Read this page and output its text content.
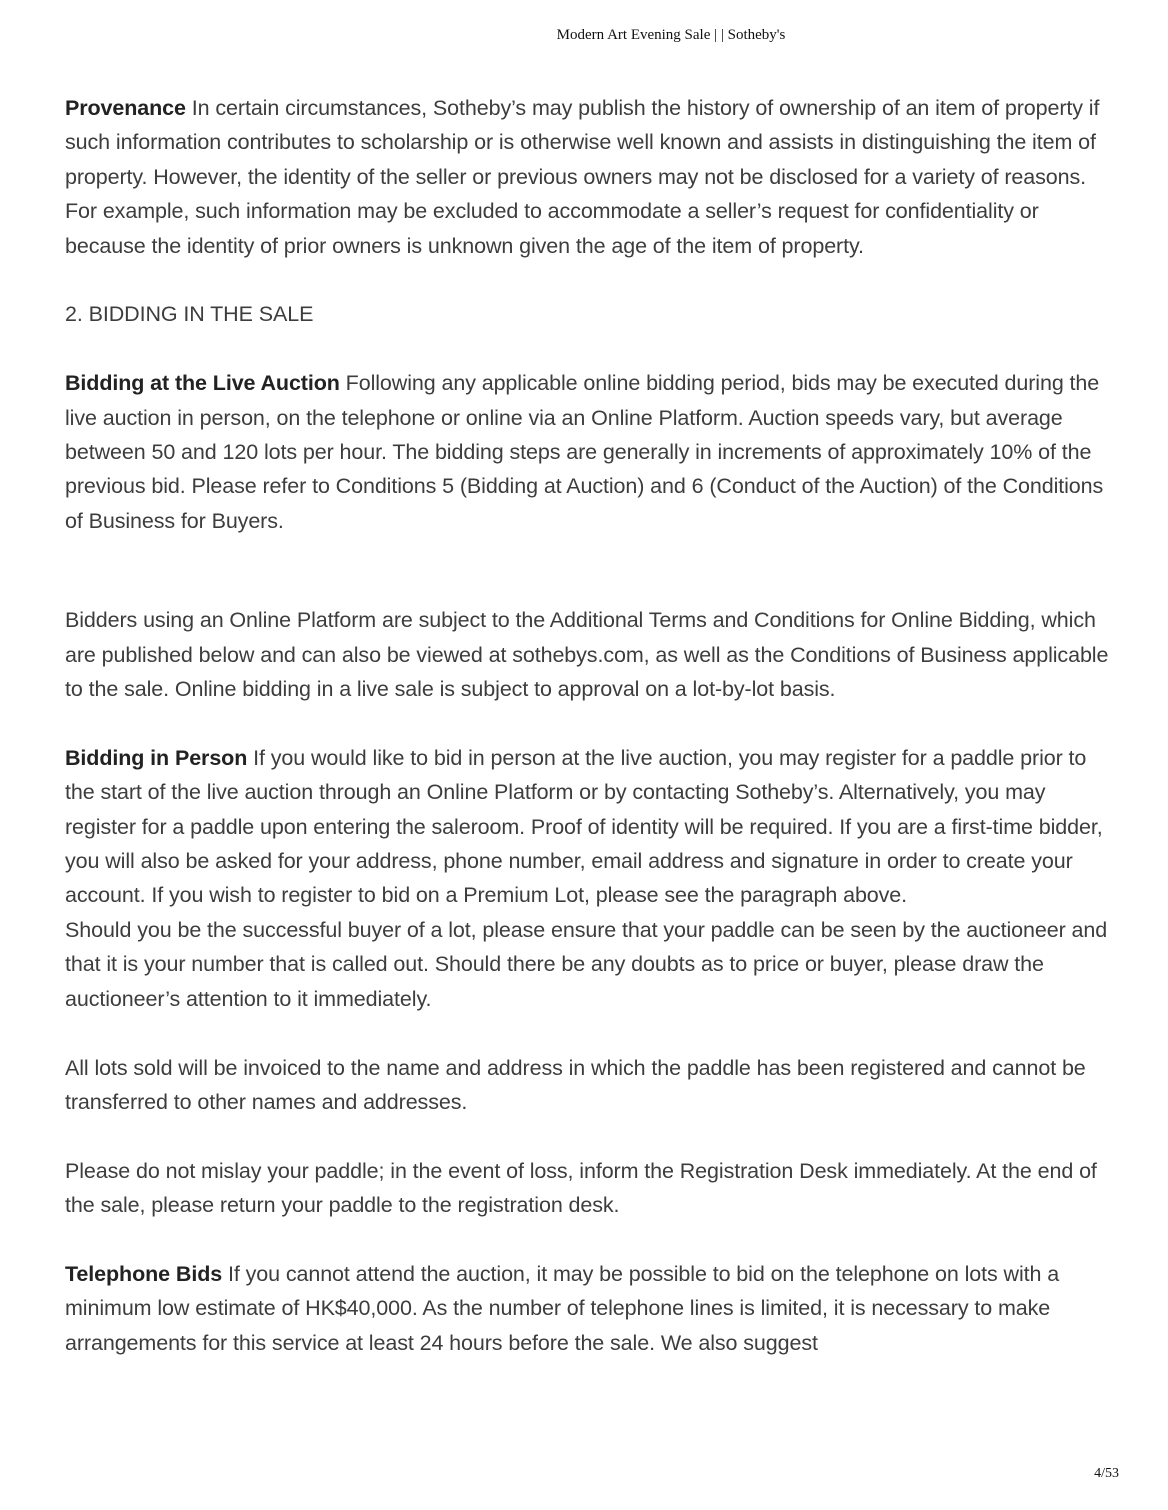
Modern Art Evening Sale | | Sotheby's

Provenance In certain circumstances, Sotheby’s may publish the history of ownership of an item of property if such information contributes to scholarship or is otherwise well known and assists in distinguishing the item of property. However, the identity of the seller or previous owners may not be disclosed for a variety of reasons. For example, such information may be excluded to accommodate a seller’s request for confidentiality or because the identity of prior owners is unknown given the age of the item of property.

2. BIDDING IN THE SALE

Bidding at the Live Auction Following any applicable online bidding period, bids may be executed during the live auction in person, on the telephone or online via an Online Platform. Auction speeds vary, but average between 50 and 120 lots per hour. The bidding steps are generally in increments of approximately 10% of the previous bid. Please refer to Conditions 5 (Bidding at Auction) and 6 (Conduct of the Auction) of the Conditions of Business for Buyers.

Bidders using an Online Platform are subject to the Additional Terms and Conditions for Online Bidding, which are published below and can also be viewed at sothebys.com, as well as the Conditions of Business applicable to the sale. Online bidding in a live sale is subject to approval on a lot-by-lot basis.

Bidding in Person If you would like to bid in person at the live auction, you may register for a paddle prior to the start of the live auction through an Online Platform or by contacting Sotheby’s. Alternatively, you may register for a paddle upon entering the saleroom. Proof of identity will be required. If you are a first-time bidder, you will also be asked for your address, phone number, email address and signature in order to create your account. If you wish to register to bid on a Premium Lot, please see the paragraph above.

Should you be the successful buyer of a lot, please ensure that your paddle can be seen by the auctioneer and that it is your number that is called out. Should there be any doubts as to price or buyer, please draw the auctioneer’s attention to it immediately.

All lots sold will be invoiced to the name and address in which the paddle has been registered and cannot be transferred to other names and addresses.

Please do not mislay your paddle; in the event of loss, inform the Registration Desk immediately. At the end of the sale, please return your paddle to the registration desk.

Telephone Bids If you cannot attend the auction, it may be possible to bid on the telephone on lots with a minimum low estimate of HK$40,000. As the number of telephone lines is limited, it is necessary to make arrangements for this service at least 24 hours before the sale. We also suggest

4/53
